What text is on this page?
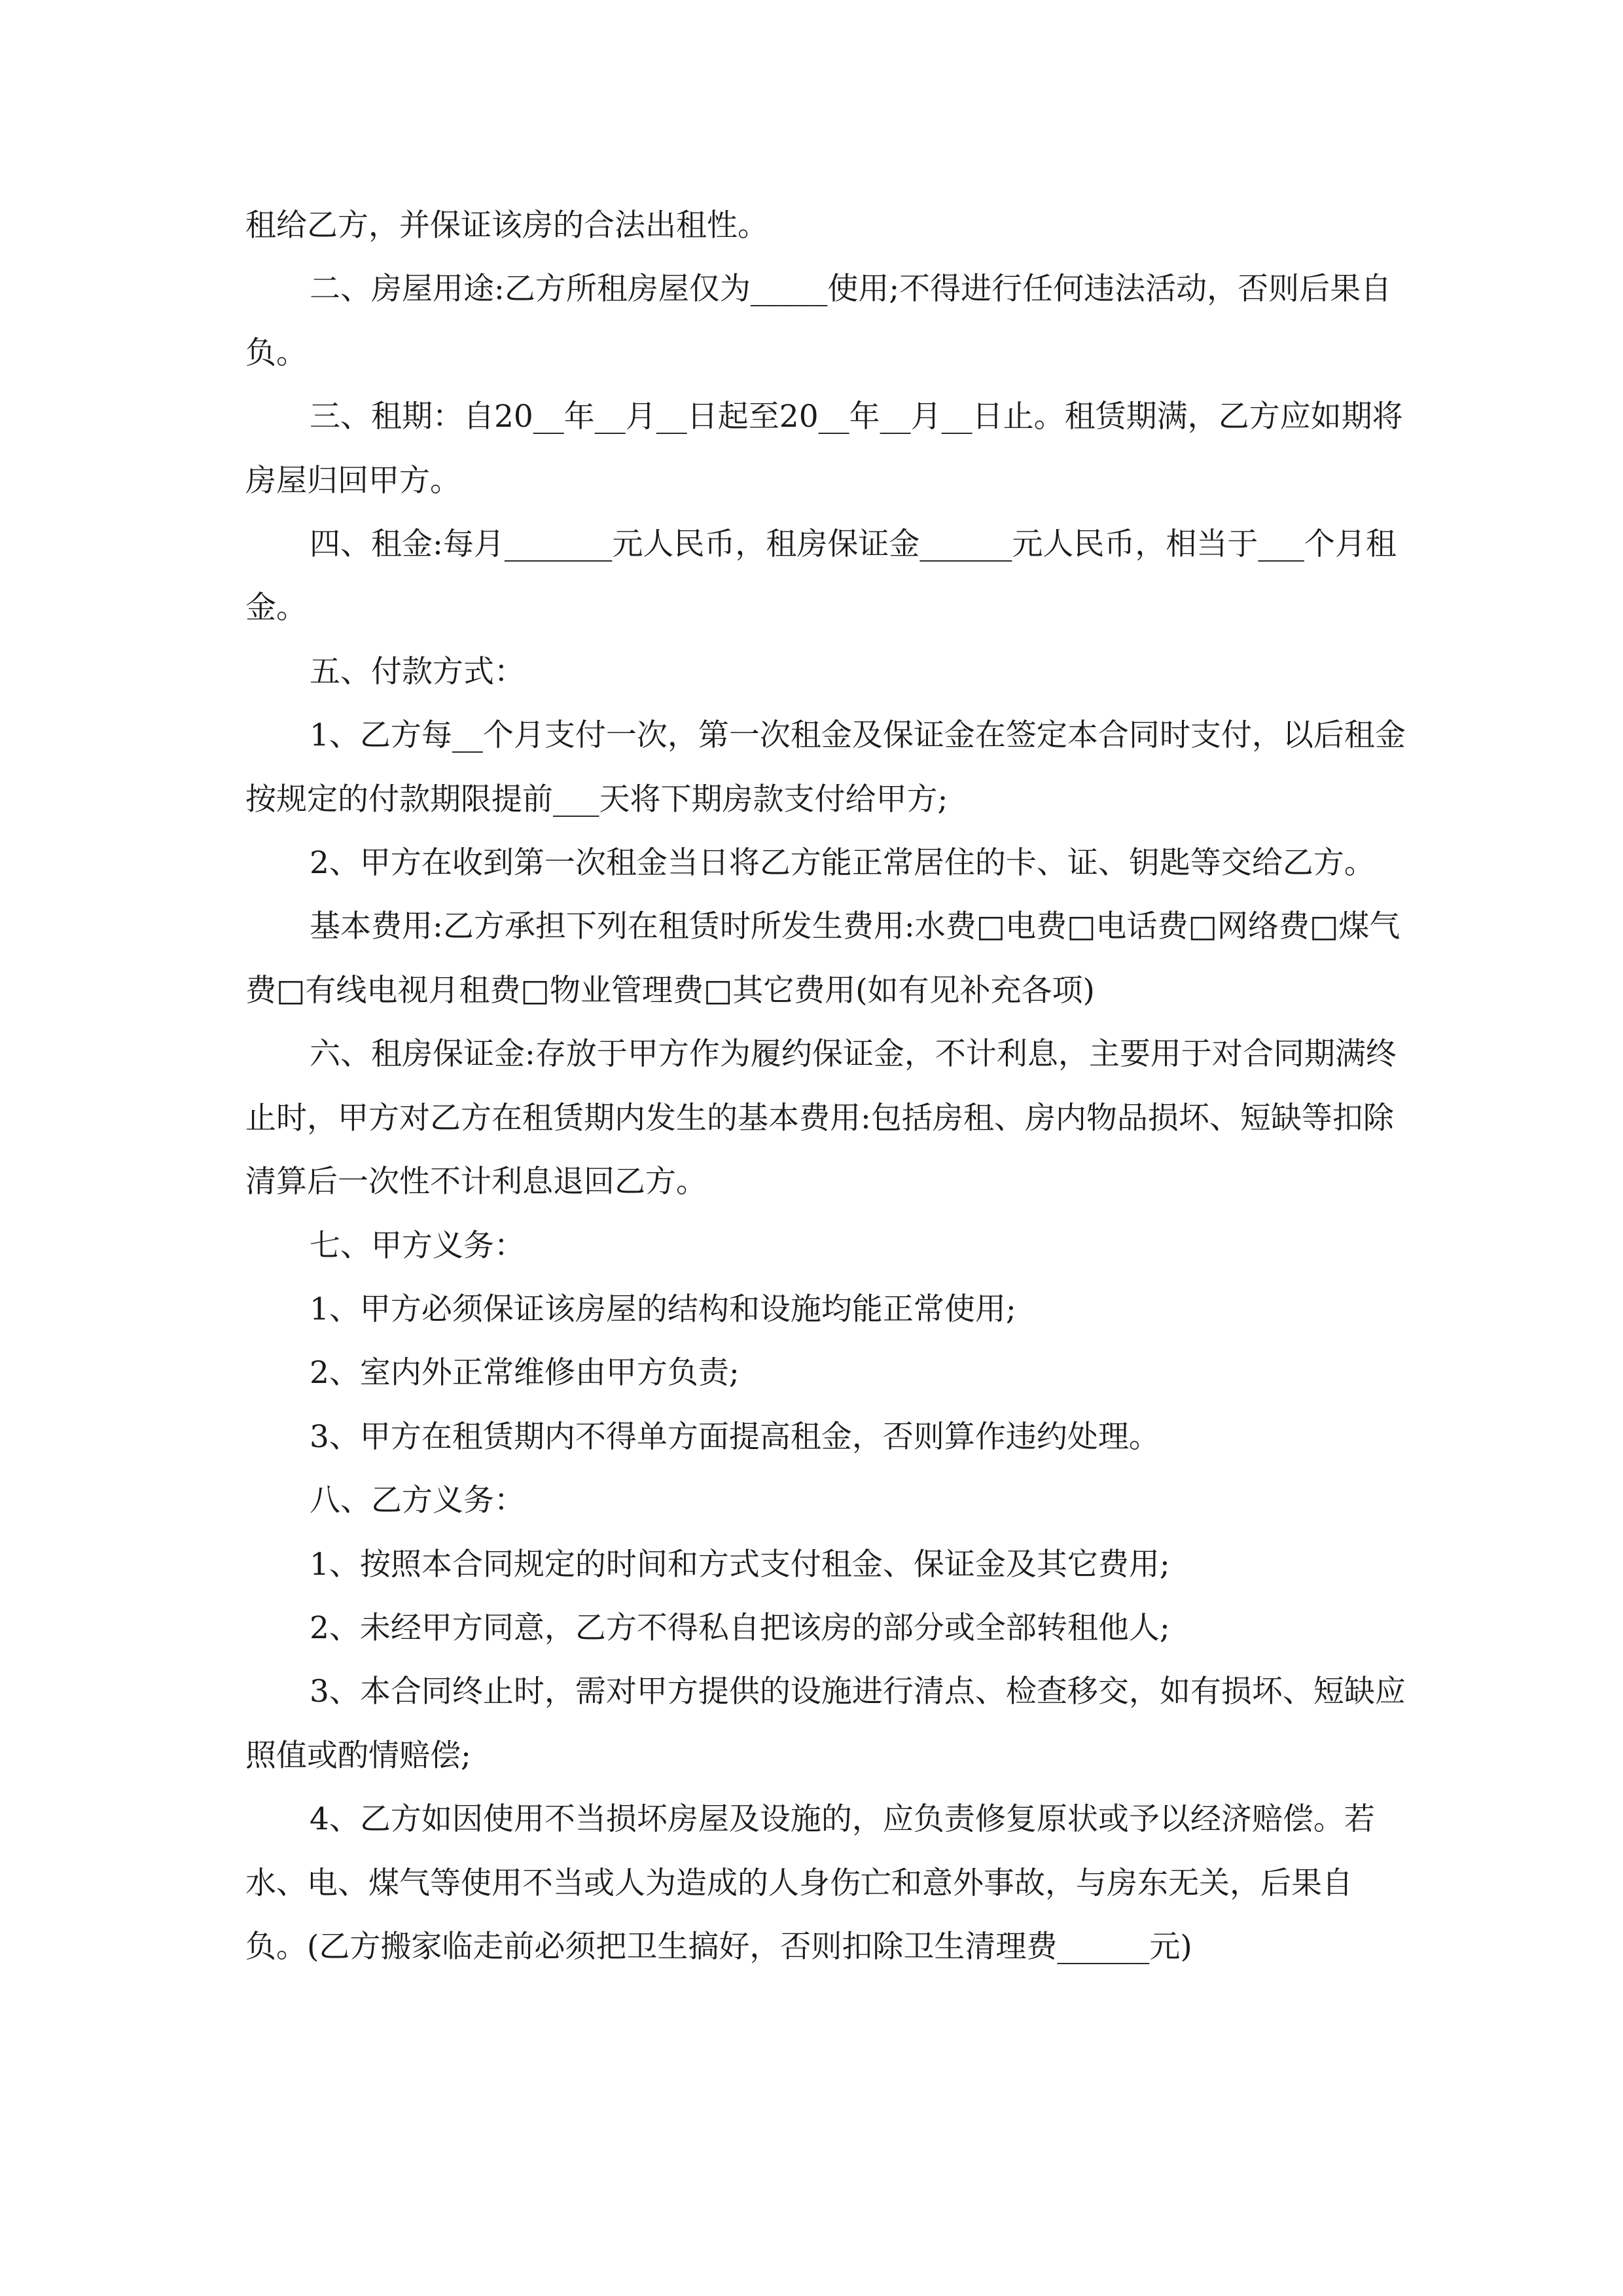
租给乙方，并保证该房的合法出租性。

二、房屋用途:乙方所租房屋仅为_____使用;不得进行任何违法活动，否则后果自负。

三、租期：自20__年__月__日起至20__年__月__日止。租赁期满，乙方应如期将房屋归回甲方。

四、租金:每月_______元人民币，租房保证金______元人民币，相当于___个月租金。

五、付款方式：

1、乙方每__个月支付一次，第一次租金及保证金在签定本合同时支付，以后租金按规定的付款期限提前___天将下期房款支付给甲方;

2、甲方在收到第一次租金当日将乙方能正常居住的卡、证、钥匙等交给乙方。

基本费用:乙方承担下列在租赁时所发生费用:水费□电费□电话费□网络费□煤气费□有线电视月租费□物业管理费□其它费用(如有见补充各项)

六、租房保证金:存放于甲方作为履约保证金，不计利息，主要用于对合同期满终止时，甲方对乙方在租赁期内发生的基本费用:包括房租、房内物品损坏、短缺等扣除清算后一次性不计利息退回乙方。

七、甲方义务：

1、甲方必须保证该房屋的结构和设施均能正常使用;

2、室内外正常维修由甲方负责;

3、甲方在租赁期内不得单方面提高租金，否则算作违约处理。

八、乙方义务：

1、按照本合同规定的时间和方式支付租金、保证金及其它费用;

2、未经甲方同意，乙方不得私自把该房的部分或全部转租他人;

3、本合同终止时，需对甲方提供的设施进行清点、检查移交，如有损坏、短缺应照值或酌情赔偿;

4、乙方如因使用不当损坏房屋及设施的，应负责修复原状或予以经济赔偿。若水、电、煤气等使用不当或人为造成的人身伤亡和意外事故，与房东无关，后果自负。(乙方搬家临走前必须把卫生搞好，否则扣除卫生清理费______元)
